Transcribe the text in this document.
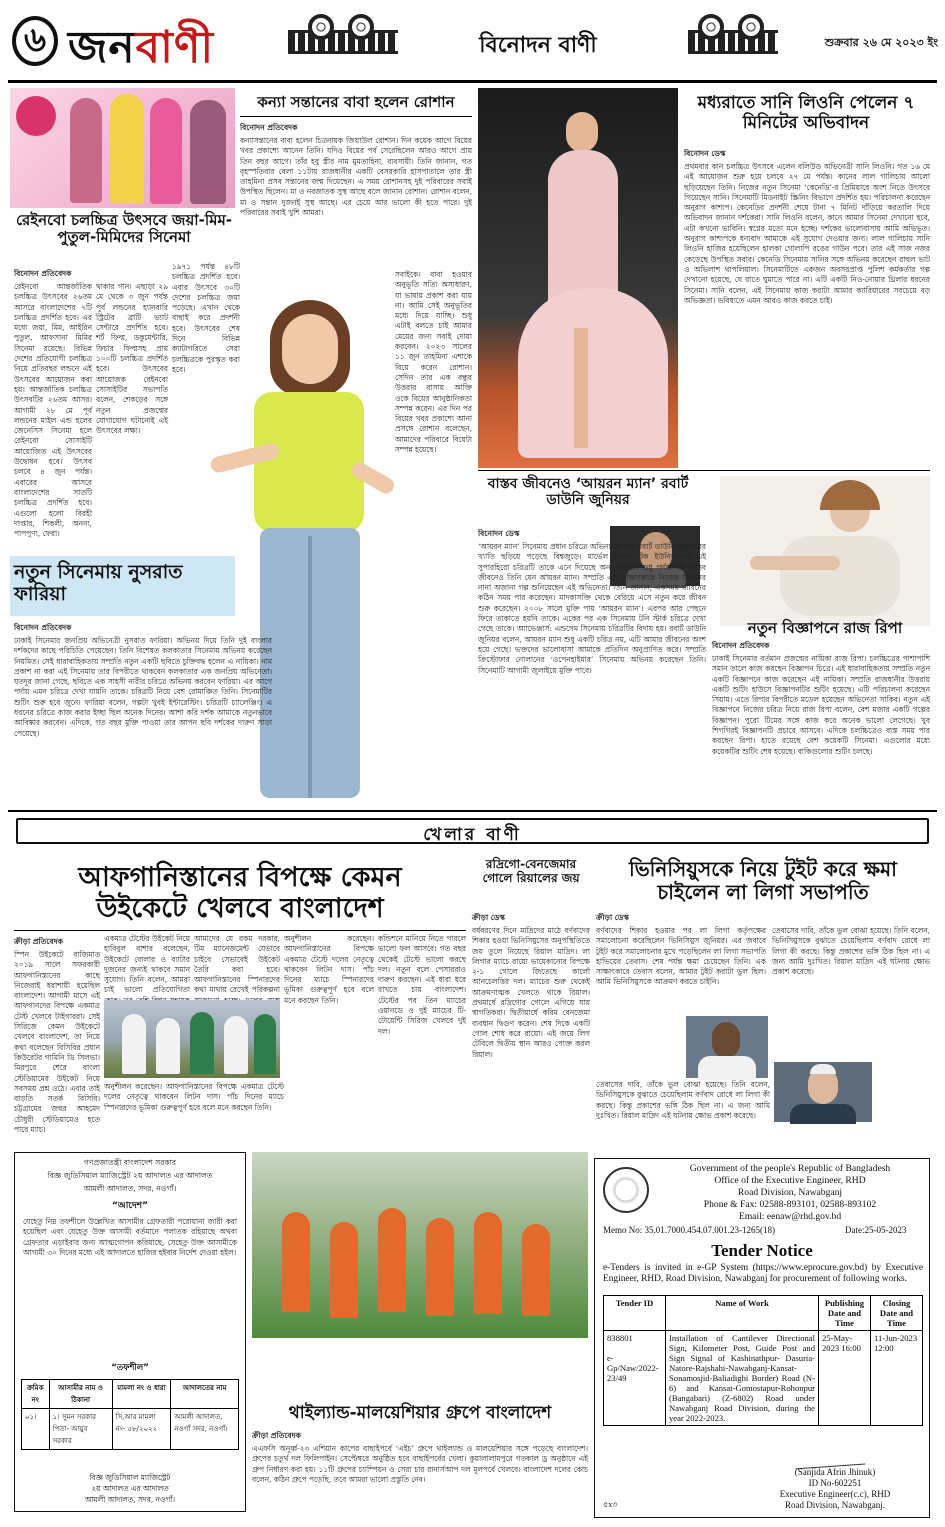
৬ জনবাণী	বিনোদন বাণী	শুক্রবার ২৬ মে ২০২৩ ইং
কন্যা সন্তানের বাবা হলেন রোশান
বিনোদন প্রতিবেদক
কন্যাসন্তানের বাবা হলেন চিত্রনায়ক জিয়াউল রোশান। দিন কয়েক আগে বিয়ের খবর প্রকাশ্যে আনেন তিনি। যদিও বিয়ের পর্ব সেরেছিলেন আরও আগে প্রায় তিন বছর আগে। তাঁর হবু স্ত্রীর নাম মুমতাহিনা, ব্যবসায়ী। তিনি জানান, গত বৃহস্পতিবার বেলা ১১টায় রাজধানীর একটি বেসরকারি হাসপাতালে তার স্ত্রী তাহমিনা প্রসব সন্তানের জন্ম দিয়েছেন। এ সময় রোশানসহ দুই পরিবারের সবাই উপস্থিত ছিলেন। মা ও নবজাতক সুস্থ আছে বলে জানান রোশান। রোশান বলেন, মা ও সন্তান দুজনই সুস্থ আছে। এর চেয়ে আর ভালো কী হতে পারে। দুই পরিবারের সবাই খুশি আমরা।
সবাইকে। বাবা হওয়ার অনুভূতি সত্যি অসাধারণ, যা ভাষায় প্রকাশ করা যায় না। আমি সেই অনুভূতির মধ্যে দিয়ে যাচ্ছি। শুধু এটাই বলতে চাই আমার মেয়ের জন্য সবাই দোয়া করবেন। ২০২৩ সালের ১১ জুন তাহমিনা এশাকে বিয়ে করেন রোশান। সেদিন তার এক বন্ধুর উত্তরার বাসায় আক্তি ওকে বিয়ের আনুষ্ঠানিকতা সম্পন্ন করেন। এর দিন পর বিয়ের খবর প্রকাশ্যে আনা প্রসঙ্গে রোশান বলেছেন, আমাদের পরিবারে বিয়েটা সম্পন্ন হয়েছে।
রেইনবো চলচ্চিত্র উৎসবে জয়া-মিম-পুতুল-মিমিদের সিনেমা
বিনোদন প্রতিবেদক
রেইনবো আন্তর্জাতিক চলচ্চিত্র উৎসবের ২৬তম আসরে বাংলাদেশের ৭টি চলচ্চিত্র প্রদর্শিত হবে। এর মধ্যে জয়া, মিম, আইরিন পুতুল, আফসানা মিমির সিনেমা রয়েছে। বিভিন্ন দেশের প্রতিযোগী চলচ্চিত্র নিয়ে প্রতিবছর লন্ডনে এই উৎসবের আয়োজন করা হয়। আন্তর্জাতিক চলচ্চিত্র উৎসবটির ২৬তম আসর। আগামী ২৮ মে পূর্ব লন্ডনের মাইল এন্ড হলের জেনেসিস সিনেমা হলে রেইনবো সোসাইটি আয়োজিত এই উৎসবের উদ্বোধন হবে। উৎসব চলবে ৪ জুন পর্যন্ত। এবারের আসরে বাংলাদেশের সাতটি চলচ্চিত্র প্রদর্শিত হবে। এগুলো হলো বিরহী দাপ্তার, শিকলী, অনন্য, পাপপুণ্য, ফেরা।
থাকার গান। এছাড়া ২৯ মে থেকে ৩ জুন পর্যন্ত পূর্ব লন্ডনের হ্যানবারি স্ট্রিটের ব্রাটি ভ্যাট সেন্টারে প্রদর্শিত হবে। শর্ট ফিল্ম, ডকুমেন্টারি, ফিচার ফিল্মসহ প্রায় ১০০টি চলচ্চিত্র প্রদর্শিত হবে। উৎসবের আয়োজক রেইনবো সোসাইটির সভাপতি বলেন, শেকড়ের সঙ্গে নতুন প্রজন্মের যোগাযোগ ঘটানোই এই উৎসবের লক্ষ্য।
১৯৭১ পর্যন্ত ৪৮টি চলচ্চিত্র প্রদর্শিত হবে। এবার উৎসবে ৩০টি দেশের চলচ্চিত্র জমা পড়েছে। এখান থেকে বাছাই করে প্রদর্শনী হবে। উৎসবের শেষ দিনে বিভিন্ন ক্যাটাগরিতে সেরা চলচ্চিত্রকে পুরস্কৃত করা হবে।
নতুন সিনেমায় নুসরাত ফারিয়া
বিনোদন প্রতিবেদক
ঢাকাই সিনেমার জনপ্রিয় অভিনেত্রী নুসরাত ফারিয়া। অভিনয় দিয়ে তিনি দুই বাংলার দর্শকদের কাছে পরিচিতি পেয়েছেন। তিনি বিশেষত কলকাতার সিনেমায় অভিনয় করেছেন নিয়মিত। সেই ধারাবাহিকতায় সম্প্রতি নতুন একটি ছবিতে চুক্তিবদ্ধ হলেন এ নায়িকা। নাম প্রকাশ না করা এই সিনেমায় তার বিপরীতে থাকবেন কলকাতার এক জনপ্রিয় অভিনেতা। যতদূর জানা গেছে, ছবিতে এক সাহসী নারীর চরিত্রে অভিনয় করবেন ফারিয়া। এর আগে পর্দায় এমন চরিত্রে দেখা যায়নি তাকে। চরিত্রটি নিয়ে বেশ রোমাঞ্চিত তিনি। সিনেমাটির শুটিং শুরু হবে জুনে। ফারিয়া বলেন, গল্পটা খুবই ইন্টারেস্টিং। চরিত্রটি চ্যালেঞ্জিং। এ ধরনের চরিত্রে কাজ করার ইচ্ছা ছিল অনেক দিনের। আশা করি দর্শক আমাকে নতুনভাবে আবিষ্কার করবেন। এদিকে, গত বছর মুক্তি পাওয়া তার আপন ছবি দর্শকের দারুণ সাড়া পেয়েছে।
মধ্যরাতে সানি লিওনি পেলেন ৭ মিনিটের অভিবাদন
বিনোদন ডেস্ক
প্রথমবার কান চলচ্চিত্র উৎসবে এলেন বলিউড অভিনেত্রী সানি লিওনি। গত ১৬ মে এই আয়োজন শুরু হয়ে চলবে ২৭ মে পর্যন্ত। কানের লাল গালিচায় আলো ছড়িয়েছেন তিনি। নিজের নতুন সিনেমা ‘কেনেডি’-র প্রিমিয়ারে অংশ নিতে উৎসবে গিয়েছেন সানি। সিনেমাটি মিডনাইট স্ক্রিনিং বিভাগে প্রদর্শিত হয়। পরিচালনা করেছেন অনুরাগ কাশ্যপ। কেনেডির প্রদর্শনী শেষে টানা ৭ মিনিট দাঁড়িয়ে করতালি দিয়ে অভিবাদন জানান দর্শকেরা। সানি লিওনি বলেন, কানে আমার সিনেমা দেখানো হবে, এটা কখনো ভাবিনি। স্বপ্নের মতো মনে হচ্ছে। দর্শকের ভালোবাসায় আমি অভিভূত। অনুরাগ কাশ্যপকে ধন্যবাদ আমাকে এই সুযোগ দেওয়ার জন্য। লাল গালিচায় সানি লিওনি হাজির হয়েছিলেন হালকা গোলাপি রঙের গাউন পরে। তার এই সাজ নজর কেড়েছে উপস্থিত সবার। কেনেডি সিনেমায় সানির সঙ্গে অভিনয় করেছেন রাহুল ভাট ও অভিলাশ থাপলিয়াল। সিনেমাটিতে একজন অবসরপ্রাপ্ত পুলিশ কর্মকর্তার গল্প দেখানো হয়েছে, যে রাতে ঘুমাতে পারে না। এটি একটি নিও-নোয়ার থ্রিলার ধরনের সিনেমা। সানি বলেন, এই সিনেমায় কাজ করাটা আমার ক্যারিয়ারের সবচেয়ে বড় অভিজ্ঞতা। ভবিষ্যতে এমন আরও কাজ করতে চাই।
বাস্তব জীবনেও ‘আয়রন ম্যান’ রবার্ট ডাউনি জুনিয়র
বিনোদন ডেস্ক
‘আয়রন ম্যান’ সিনেমায় প্রধান চরিত্রে অভিনয়ের পরই রবার্ট ডাউনি জুনিয়রের খ্যাতি ছড়িয়ে পড়েছে বিশ্বজুড়ে। মার্ভেল সিনেম্যাটিক ইউনিভার্সের এই সুপারহিরো চরিত্রটি তাকে এনে দিয়েছে অন্য উচ্চতা। শুধু পর্দায় নয়, বাস্তব জীবনেও তিনি যেন আয়রন ম্যান। সম্প্রতি এক সাক্ষাৎকারে নিজের জীবনের নানা অজানা গল্প শুনিয়েছেন এই অভিনেতা। তিনি জানান, একসময় জীবনের কঠিন সময় পার করেছেন। মাদকাসক্তি থেকে বেরিয়ে এসে নতুন করে জীবন শুরু করেছেন। ২০০৮ সালে মুক্তি পায় ‘আয়রন ম্যান’। এরপর আর পেছনে ফিরে তাকাতে হয়নি তাকে। একের পর এক সিনেমায় টনি স্টার্ক চরিত্রে দেখা গেছে তাকে। অ্যাভেঞ্জার্স: এন্ডগেম সিনেমায় চরিত্রটির বিদায় হয়। রবার্ট ডাউনি জুনিয়র বলেন, আয়রন ম্যান শুধু একটি চরিত্র নয়, এটি আমার জীবনের অংশ হয়ে গেছে। ভক্তদের ভালোবাসা আমাকে প্রতিদিন অনুপ্রাণিত করে। সম্প্রতি ক্রিস্টোফার নোলানের ‘ওপেনহাইমার’ সিনেমায় অভিনয় করেছেন তিনি। সিনেমাটি আগামী জুলাইয়ে মুক্তি পাবে।
নতুন বিজ্ঞাপনে রাজ রিপা
বিনোদন প্রতিবেদক
ঢাকাই সিনেমার বর্তমান প্রজন্মের নায়িকা রাজ রিপা। চলচ্চিত্রের পাশাপাশি সমান তালে কাজ করছেন বিজ্ঞাপন চিত্রে। এই ধারাবাহিকতায় সম্প্রতি নতুন একটি বিজ্ঞাপনে কাজ করেছেন এই নায়িকা। সম্প্রতি রাজধানীর উত্তরায় একটি শুটিং হাউসে বিজ্ঞাপনটির শুটিং হয়েছে। এটি পরিচালনা করেছেন সিয়াম। এতে রিপার বিপরীতে মডেল হয়েছেন অভিনেতা সাকিব। নতুন এই বিজ্ঞাপনে নিজের চরিত্র নিয়ে রাজ রিপা বলেন, বেশ মজার একটি গল্পের বিজ্ঞাপন। পুরো টিমের সঙ্গে কাজ করে অনেক ভালো লেগেছে। খুব শিগগিরই বিজ্ঞাপনটি প্রচারে আসবে। এদিকে চলচ্চিত্রেও ব্যস্ত সময় পার করছেন রিপা। হাতে রয়েছে বেশ কয়েকটি সিনেমা। এগুলোর মধ্যে কয়েকটির শুটিং শেষ হয়েছে। বাকিগুলোর শুটিং চলছে।
খেলার বাণী
আফগানিস্তানের বিপক্ষে কেমন উইকেটে খেলবে বাংলাদেশ
ক্রীড়া প্রতিবেদক
স্পিন উইকেটে বাজিমাত ২০১৯ সালে সফরকারী আফগানিস্তানের কাছে নিজেরাই ধরাশায়ী হয়েছিল বাংলাদেশ। আগামী মাসে এই আফগানদের বিপক্ষে একমাত্র টেস্ট খেলবে টাইগাররা। সেই সিরিজে কেমন উইকেটে খেলবে বাংলাদেশ, তা নিয়ে কথা বলেছেন বিসিবির প্রধান কিউরেটর গামিনি ডি সিলভা। মিরপুরে শেরে বাংলা স্টেডিয়ামের উইকেট নিয়ে সবসময় প্রশ্ন ওঠে। এবার তাই বাড়তি সতর্ক বিসিবি। চট্টগ্রামের জহুর আহমেদ চৌধুরী স্টেডিয়ামেও হতে পারে ম্যাচ।
একমাত্র টেস্টের উইকেট নিয়ে হাবিবুল বাশার বলেছেন, উইকেটে বোলার ও ব্যাটার দুজনের জন্যই থাকবে সমান সুযোগ। তিনি বলেন, আমরা চাই ভালো প্রতিযোগিতা
আমাদের যে রকম দরকার, টিম ম্যানেজমেন্ট যেভাবে চাইবে সেভাবেই উইকেট তৈরি করা হবে। আফগানিস্তানের স্পিনারদের কথা মাথায় রেখেই পরিকল্পনা
অনুশীলন করেছেন। আফগানিস্তানের বিপক্ষে একমাত্র টেস্টে দলের নেতৃত্বে থাকবেন লিটন দাস। পাঁচ দিনের ম্যাচে স্পিনারদের ভূমিকা গুরুত্বপূর্ণ হবে বলে মনে করছেন তিনি।
কন্ডিশনে মানিয়ে নিতে পারলে ভালো ফল আসবে। গত বছর থেকেই টেস্টে ভালো করছে দল। নতুন বলে পেসাররাও দারুণ করছেন। এই ধারা ধরে রাখতে চায় বাংলাদেশ। টেস্টের পর তিন ম্যাচের ওয়ানডে ও দুই ম্যাচের টি-টোয়েন্টি সিরিজ খেলবে দুই দল।
অনুশীলন করেছেন। আফগানিস্তানের বিপক্ষে একমাত্র টেস্টে দলের নেতৃত্বে থাকবেন লিটন দাস। পাঁচ দিনের ম্যাচে স্পিনারদের ভূমিকা গুরুত্বপূর্ণ হবে বলে মনে করছেন তিনি।
গণপ্রজাতন্ত্রী বাংলাদেশ সরকার
বিজ্ঞ জুডিসিয়াল ম্যাজিস্ট্রেট ২য় আদালত এর আদালত
আমলী আদালত, সদর, নওগাঁ।
“আদেশ”
যেহেতু নিম্ন তফশীলে উল্লেখিত আসামীর গ্রেফতারী পরোয়ানা জারী করা হয়েছিল এবং যেহেতু উক্ত আসামী বর্তমানে পলাতক রহিয়াছে অথবা গ্রেফতার এড়াইবার জন্য আত্মগোপন করিয়াছে, সেহেতু উক্ত আসামীকে আগামী ৩০ দিনের মধ্যে এই আদালতে হাজির হইবার নির্দেশ দেওয়া হইল।
“তফশীল”
ক্রমিক নং	আসামীর নাম ও ঠিকানা	মামলা নং ও ধারা	আদালতের নাম
০১।	১। সুমন সরকার পিতা- আয়ুব সরকার	সি,আর মামলা নং- ৫৮/২০২২	আমলী আদালত, নওগাঁ সদর, নওগাঁ।
বিজ্ঞ জুডিসিয়াল ম্যাজিস্ট্রেট
২য় আদালত এর আদালত
আমলী আদালত, সদর, নওগাঁ।
থাইল্যান্ড-মালয়েশিয়ার গ্রুপে বাংলাদেশ
ক্রীড়া প্রতিবেদক
এএফসি অনূর্ধ্ব-২৩ এশিয়ান কাপের বাছাইপর্বে ‘এইচ’ গ্রুপে থাইল্যান্ড ও মালয়েশিয়ার সঙ্গে পড়েছে বাংলাদেশ। গ্রুপের চতুর্থ দল ফিলিপাইন। সেপ্টেম্বরে অনুষ্ঠিত হবে বাছাইপর্বের খেলা। কুয়ালালামপুরে গতকাল ড্র অনুষ্ঠানে এই গ্রুপ নির্ধারণ করা হয়। ১১টি গ্রুপের চ্যাম্পিয়ন ও সেরা চার রানার্সআপ দল মূলপর্বে খেলবে। বাংলাদেশ দলের কোচ বলেন, কঠিন গ্রুপে পড়েছি, তবে আমরা ভালো প্রস্তুতি নেব।
রদ্রিগো-বেনজেমার গোলে রিয়ালের জয়
ক্রীড়া ডেস্ক
বর্ষবরণের দিনে মাদ্রিদের মাঠে বর্ণবাদের শিকার হওয়া ভিনিসিয়ুসের অনুপস্থিতিতে জয় তুলে নিয়েছে রিয়াল মাদ্রিদ। লা লিগার ম্যাচে রায়ো ভায়েকানোর বিপক্ষে ২-১ গোলে জিতেছে কার্লো আনচেলত্তির দল। ম্যাচের শুরু থেকেই আক্রমণাত্মক খেলতে থাকে রিয়াল। প্রথমার্ধে রদ্রিগোর গোলে এগিয়ে যায় স্বাগতিকরা। দ্বিতীয়ার্ধে করিম বেনজেমা ব্যবধান দ্বিগুণ করেন। শেষ দিকে একটি গোল শোধ করে রায়ো। এই জয়ে লিগ টেবিলে দ্বিতীয় স্থান আরও পোক্ত করল রিয়াল।
ভিনিসিয়ুসকে নিয়ে টুইট করে ক্ষমা চাইলেন লা লিগা সভাপতি
ক্রীড়া ডেস্ক
বর্ণবাদের শিকার হওয়ার পর লা লিগা কর্তৃপক্ষের সমালোচনা করেছিলেন ভিনিসিয়ুস জুনিয়র। এর জবাবে টুইট করে সমালোচনার মুখে পড়েছিলেন লা লিগা সভাপতি হাভিয়ের তেবাস। শেষ পর্যন্ত ক্ষমা চেয়েছেন তিনি। এক সাক্ষাৎকারে তেবাস বলেন, আমার টুইট করাটা ভুল ছিল। আমি ভিনিসিয়ুসকে আক্রমণ করতে চাইনি।
তেবাসের দাবি, তাঁকে ভুল বোঝা হয়েছে। তিনি বলেন, ভিনিসিয়ুসকে বুঝাতে চেয়েছিলাম বর্ণবাদ রোধে লা লিগা কী করছে। কিন্তু প্রকাশের ভঙ্গি ঠিক ছিল না। এ জন্য আমি দুঃখিত। রিয়াল মাদ্রিদ এই ঘটনায় ক্ষোভ প্রকাশ করেছে।
তেবাসের দাবি, তাঁকে ভুল বোঝা হয়েছে। তিনি বলেন, ভিনিসিয়ুসকে বুঝাতে চেয়েছিলাম বর্ণবাদ রোধে লা লিগা কী করছে। কিন্তু প্রকাশের ভঙ্গি ঠিক ছিল না। এ জন্য আমি দুঃখিত। রিয়াল মাদ্রিদ এই ঘটনায় ক্ষোভ প্রকাশ করেছে।
Government of the people's Republic of Bangladesh
Office of the Executive Engineer, RHD
Road Division, Nawabganj
Phone & Fax: 02588-893101, 02588-893102
Email: eenaw@rhd.gov.bd
Memo No: 35.01.7000.454.07.001.23-1265(18)	Date:25-05-2023
Tender Notice
e-Tenders is invited in e-GP System (https://www.eprocure.gov.bd) by Executive Engineer, RHD, Road Division, Nawabganj for procurement of following works.
Tender ID	Name of Work	Publishing Date and Time	Closing Date and Time
838801

e-Gp/Naw/2022-23/49	Installation of Cantilever Directional Sign, Kilometer Post, Guide Post and Sign Signal of Kashinathpur- Dasuria-Natore-Rajshahi-Nawabganj-Kansat-Sonamosjid-Baliadighi Border) Road (N-6) and Kansat-Gomostapur-Rohonpur (Bangabari) (Z-6802) Road under Nawabganj Road Division, during the year 2022-2023.	25-May-2023 16:00	11-Jun-2023 12:00
(Sanjida Afrin Jhinuk)
ID No-602251
Executive Engineer(c.c), RHD
Road Division, Nawabganj.
৫x৩
